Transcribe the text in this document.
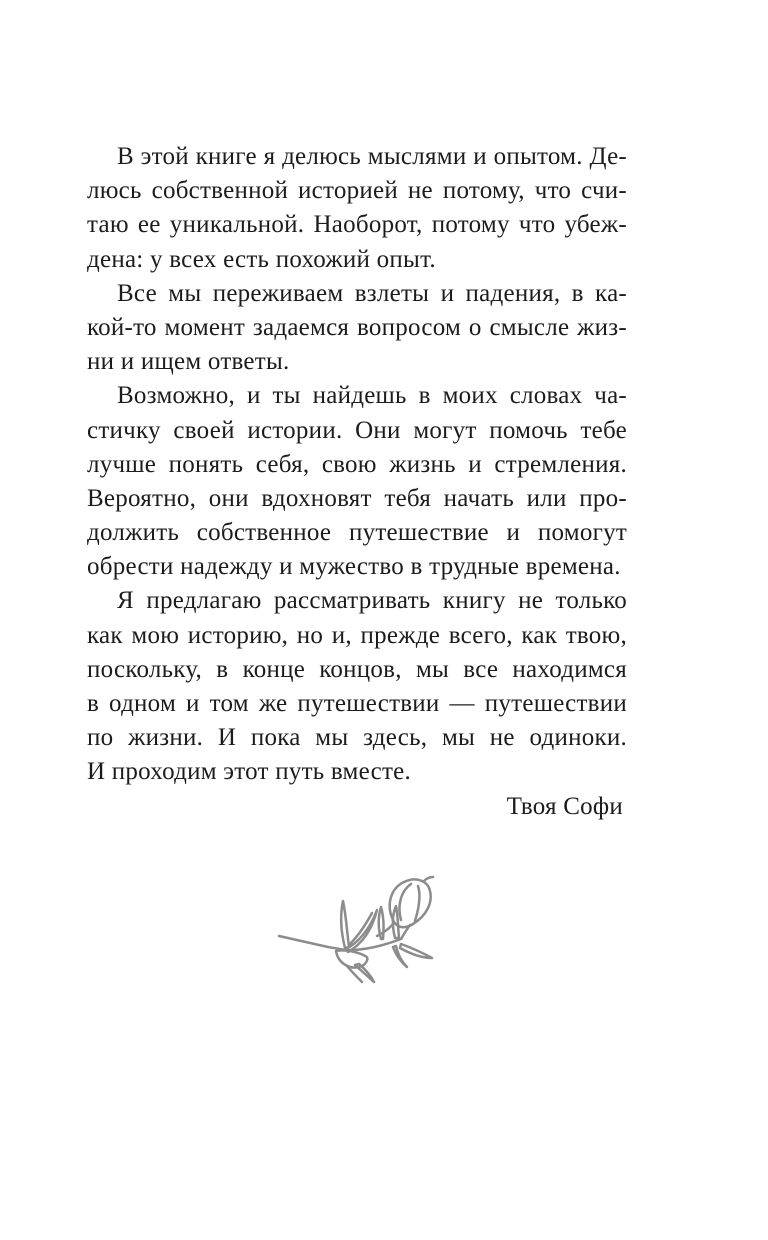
В этой книге я делюсь мыслями и опытом. Де-
люсь собственной историей не потому, что счи-
таю ее уникальной. Наоборот, потому что убеж-
дена: у всех есть похожий опыт.
Все мы переживаем взлеты и падения, в ка-
кой-то момент задаемся вопросом о смысле жиз-
ни и ищем ответы.
Возможно, и ты найдешь в моих словах ча-
стичку своей истории. Они могут помочь тебе
лучше понять себя, свою жизнь и стремления.
Вероятно, они вдохновят тебя начать или про-
должить собственное путешествие и помогут
обрести надежду и мужество в трудные времена.
Я предлагаю рассматривать книгу не только
как мою историю, но и, прежде всего, как твою,
поскольку, в конце концов, мы все находимся
в одном и том же путешествии — путешествии
по жизни. И пока мы здесь, мы не одиноки.
И проходим этот путь вместе.
Твоя Софи
